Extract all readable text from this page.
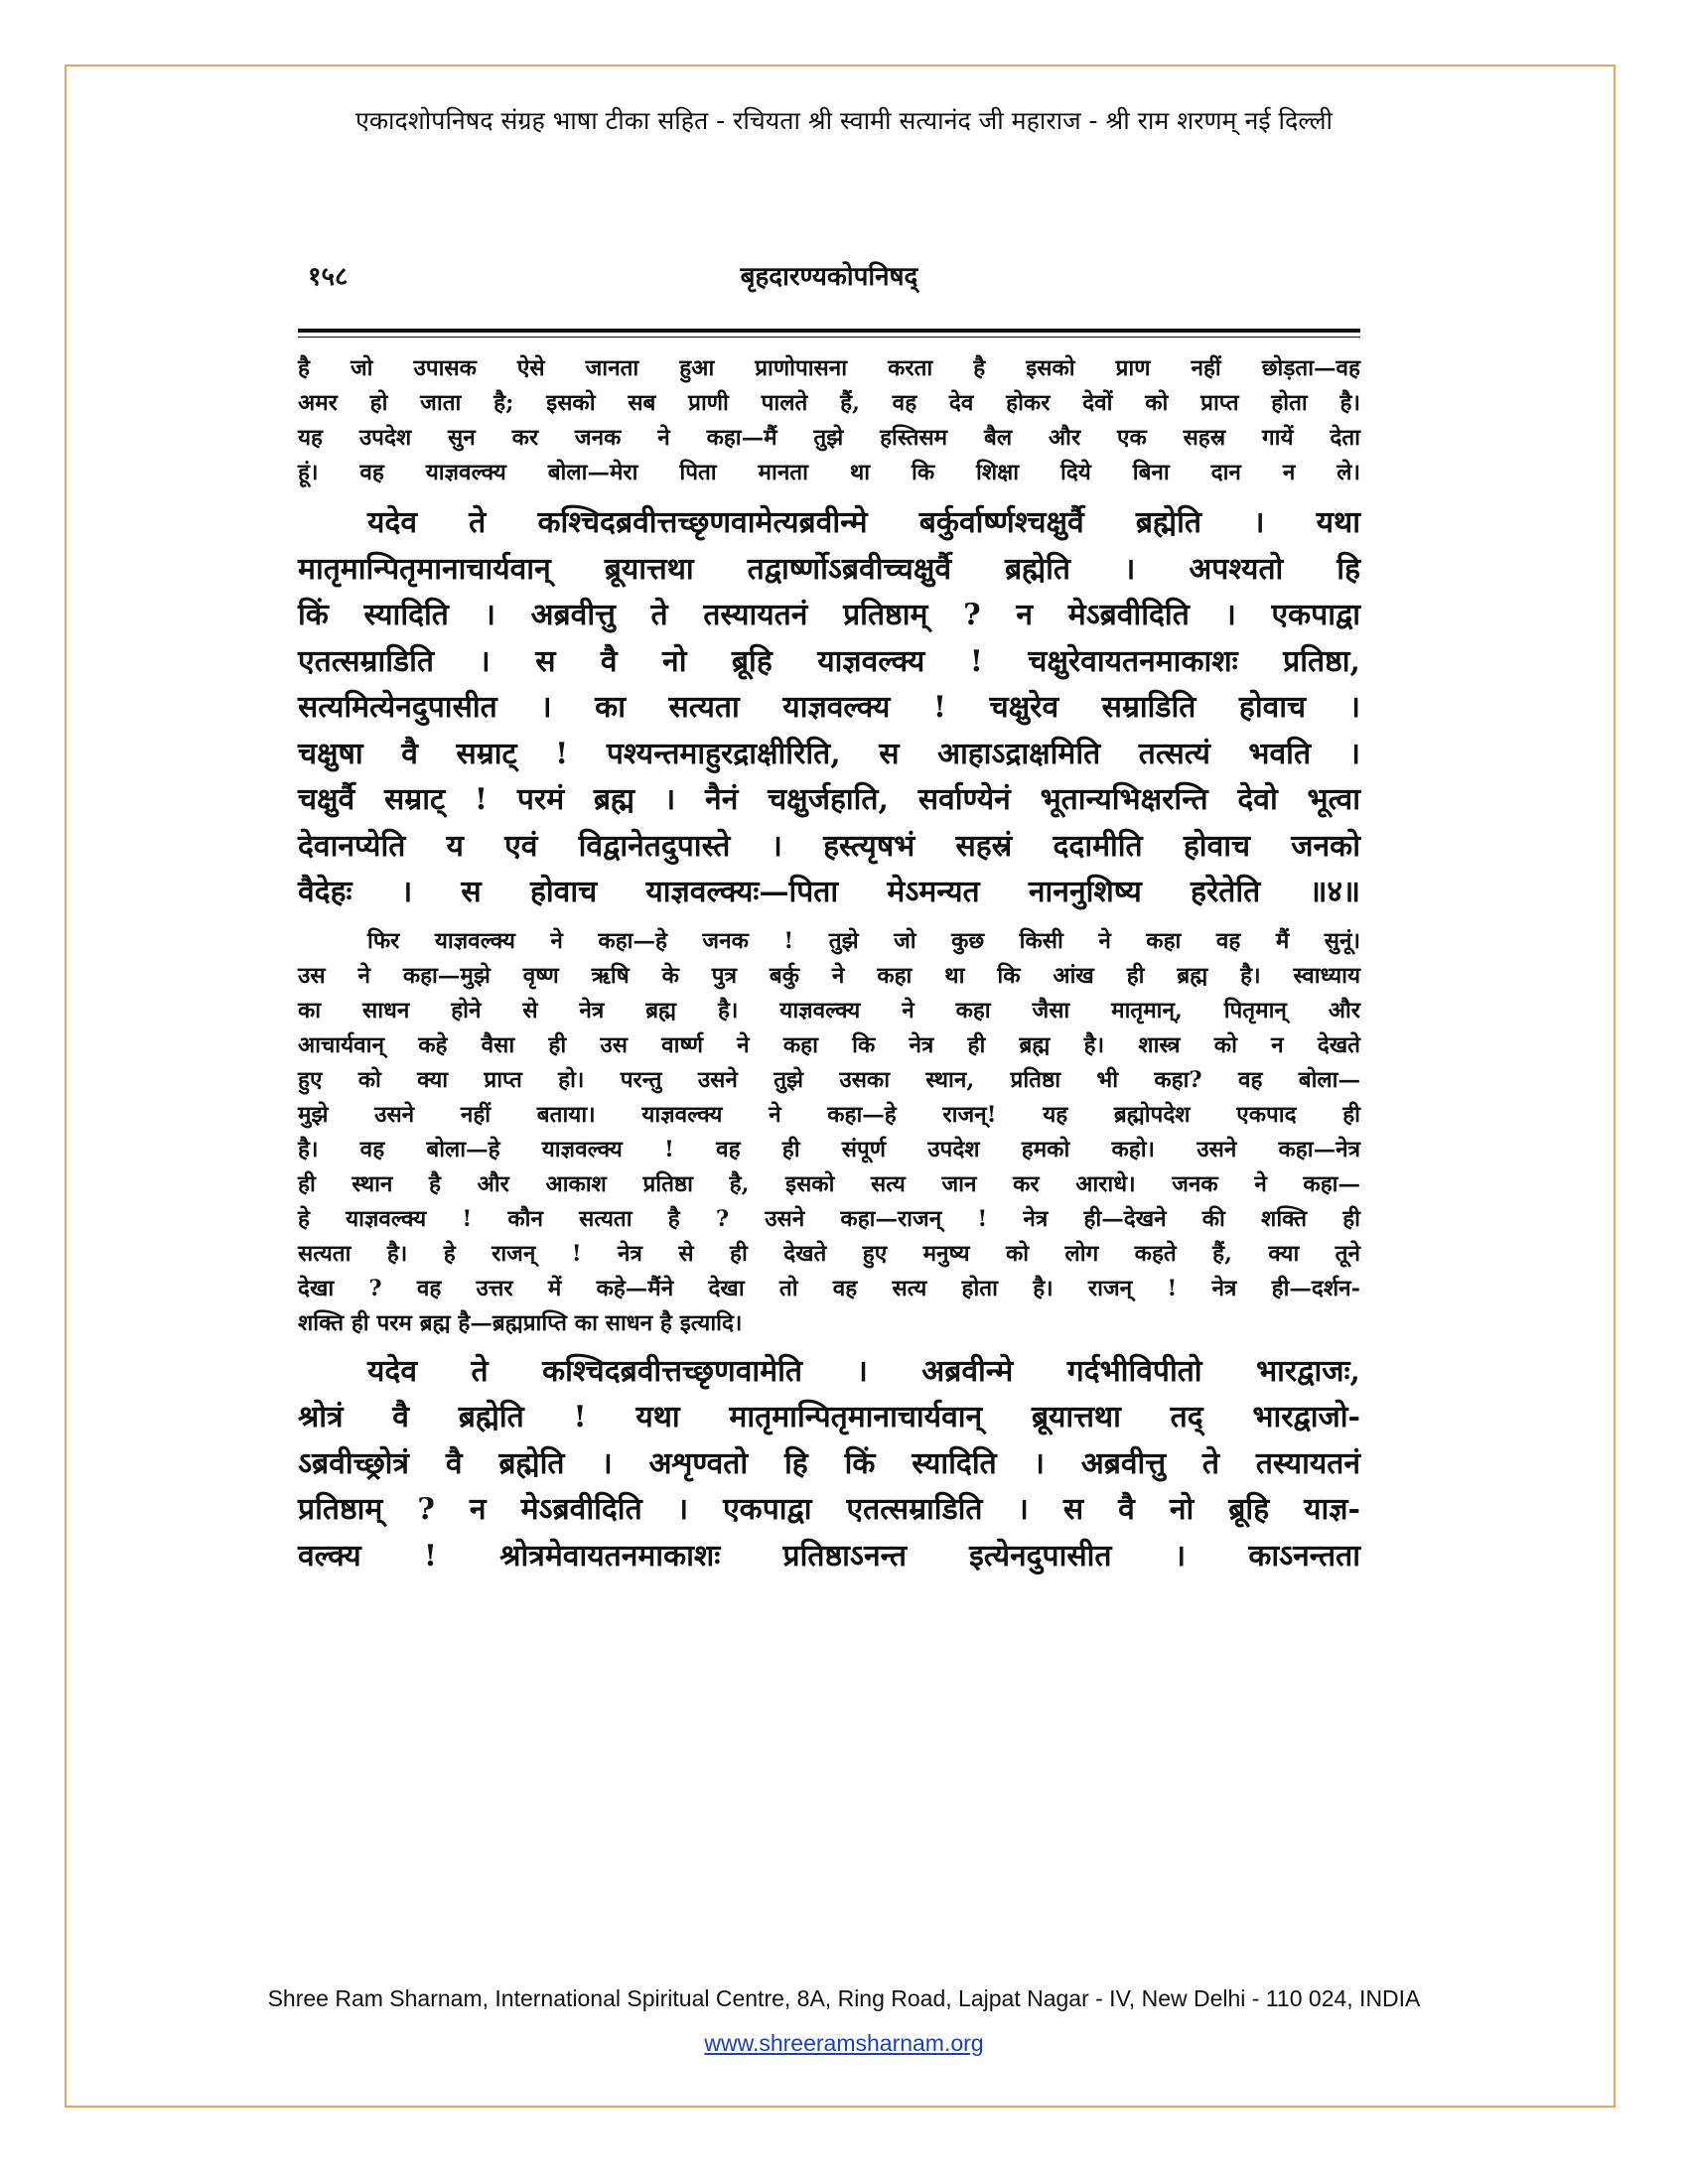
एकादशोपनिषद संग्रह भाषा टीका सहित - रचियता श्री स्वामी सत्यानंद जी महाराज - श्री राम शरणम् नई दिल्ली
१५८	बृहदारण्यकोपनिषद्
है जो उपासक ऐसे जानता हुआ प्राणोपासना करता है इसको प्राण नहीं छोड़ता—वह
अमर हो जाता है; इसको सब प्राणी पालते हैं, वह देव होकर देवों को प्राप्त होता है।
यह उपदेश सुन कर जनक ने कहा—मैं तुझे हस्तिसम बैल और एक सहस्र गायें देता
हूं। वह याज्ञवल्क्य बोला—मेरा पिता मानता था कि शिक्षा दिये बिना दान न ले।
यदेव ते कश्चिदब्रवीत्तच्छृणवामेत्यब्रवीन्मे बर्कुर्वार्ष्णश्चक्षुर्वै ब्रह्मेति । यथा
मातृमान्पितृमानाचार्यवान् ब्रूयात्तथा तद्वार्ष्णोऽब्रवीच्चक्षुर्वै ब्रह्मेति । अपश्यतो हि
किं स्यादिति । अब्रवीत्तु ते तस्यायतनं प्रतिष्ठाम् ? न मेऽब्रवीदिति । एकपाद्वा
एतत्सम्राडिति । स वै नो ब्रूहि याज्ञवल्क्य ! चक्षुरेवायतनमाकाशः प्रतिष्ठा,
सत्यमित्येनदुपासीत । का सत्यता याज्ञवल्क्य ! चक्षुरेव सम्राडिति होवाच ।
चक्षुषा वै सम्राट् ! पश्यन्तमाहुरद्राक्षीरिति, स आहाऽद्राक्षमिति तत्सत्यं भवति ।
चक्षुर्वै सम्राट् ! परमं ब्रह्म । नैनं चक्षुर्जहाति, सर्वाण्येनं भूतान्यभिक्षरन्ति देवो भूत्वा
देवानप्येति य एवं विद्वानेतदुपास्ते । हस्त्यृषभं सहस्रं ददामीति होवाच जनको
वैदेहः । स होवाच याज्ञवल्क्यः—पिता मेऽमन्यत नाननुशिष्य हरेतेति ॥४॥
फिर याज्ञवल्क्य ने कहा—हे जनक ! तुझे जो कुछ किसी ने कहा वह मैं सुनूं।
उस ने कहा—मुझे वृष्ण ऋषि के पुत्र बर्कु ने कहा था कि आंख ही ब्रह्म है। स्वाध्याय
का साधन होने से नेत्र ब्रह्म है। याज्ञवल्क्य ने कहा जैसा मातृमान्, पितृमान् और
आचार्यवान् कहे वैसा ही उस वार्ष्ण ने कहा कि नेत्र ही ब्रह्म है। शास्त्र को न देखते
हुए को क्या प्राप्त हो। परन्तु उसने तुझे उसका स्थान, प्रतिष्ठा भी कहा? वह बोला—
मुझे उसने नहीं बताया। याज्ञवल्क्य ने कहा—हे राजन्! यह ब्रह्मोपदेश एकपाद ही
है। वह बोला—हे याज्ञवल्क्य ! वह ही संपूर्ण उपदेश हमको कहो। उसने कहा—नेत्र
ही स्थान है और आकाश प्रतिष्ठा है, इसको सत्य जान कर आराधे। जनक ने कहा—
हे याज्ञवल्क्य ! कौन सत्यता है ? उसने कहा—राजन् ! नेत्र ही—देखने की शक्ति ही
सत्यता है। हे राजन् ! नेत्र से ही देखते हुए मनुष्य को लोग कहते हैं, क्या तूने
देखा ? वह उत्तर में कहे—मैंने देखा तो वह सत्य होता है। राजन् ! नेत्र ही—दर्शन-
शक्ति ही परम ब्रह्म है—ब्रह्मप्राप्ति का साधन है इत्यादि।
यदेव ते कश्चिदब्रवीत्तच्छृणवामेति । अब्रवीन्मे गर्दभीविपीतो भारद्वाजः,
श्रोत्रं वै ब्रह्मेति ! यथा मातृमान्पितृमानाचार्यवान् ब्रूयात्तथा तद् भारद्वाजो-
ऽब्रवीच्छ्रोत्रं वै ब्रह्मेति । अशृण्वतो हि किं स्यादिति । अब्रवीत्तु ते तस्यायतनं
प्रतिष्ठाम् ? न मेऽब्रवीदिति । एकपाद्वा एतत्सम्राडिति । स वै नो ब्रूहि याज्ञ-
वल्क्य ! श्रोत्रमेवायतनमाकाशः प्रतिष्ठाऽनन्त इत्येनदुपासीत । काऽनन्तता
Shree Ram Sharnam, International Spiritual Centre, 8A, Ring Road, Lajpat Nagar - IV, New Delhi - 110 024, INDIA
www.shreeramsharnam.org
